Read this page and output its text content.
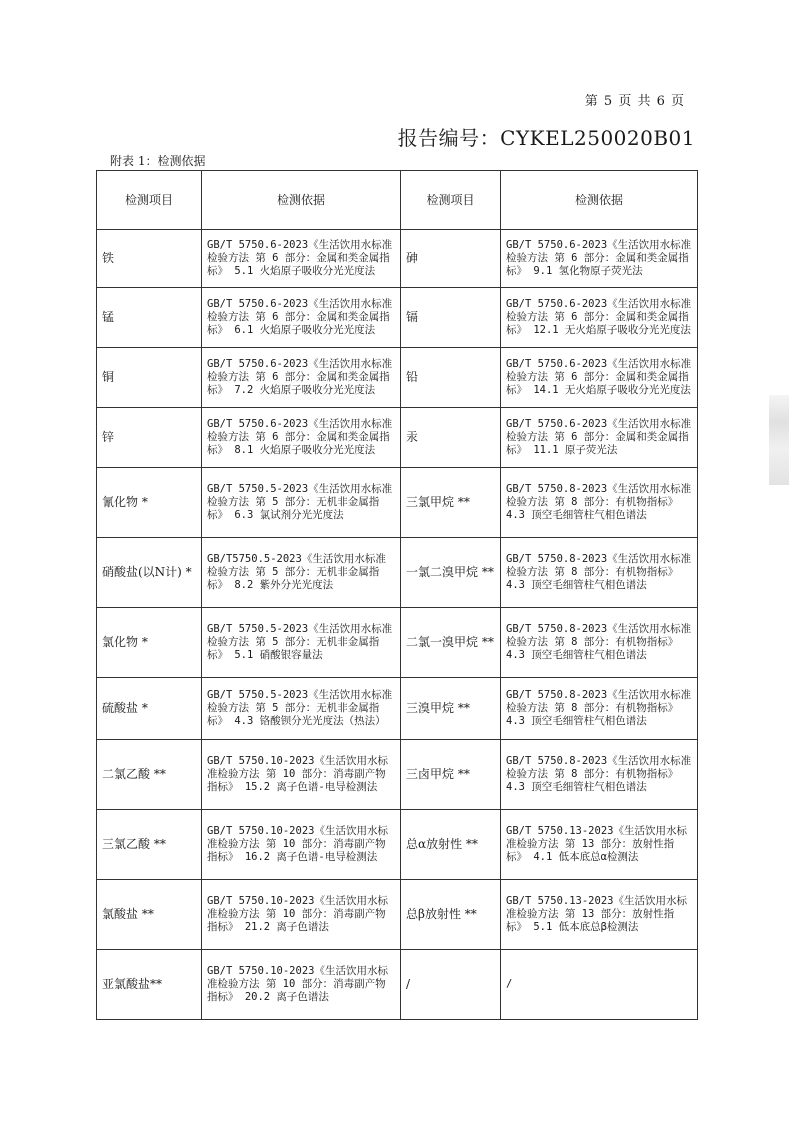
第 5 页 共 6 页
报告编号：CYKEL250020B01
附表 1：检测依据
检测项目	检测依据	检测项目	检测依据
铁	GB/T 5750.6-2023《生活饮用水标准检验方法 第 6 部分：金属和类金属指标》 5.1 火焰原子吸收分光光度法	砷	GB/T 5750.6-2023《生活饮用水标准检验方法 第 6 部分：金属和类金属指标》 9.1 氢化物原子荧光法
锰	GB/T 5750.6-2023《生活饮用水标准检验方法 第 6 部分：金属和类金属指标》 6.1 火焰原子吸收分光光度法	镉	GB/T 5750.6-2023《生活饮用水标准检验方法 第 6 部分：金属和类金属指标》 12.1 无火焰原子吸收分光光度法
铜	GB/T 5750.6-2023《生活饮用水标准检验方法 第 6 部分：金属和类金属指标》 7.2 火焰原子吸收分光光度法	铅	GB/T 5750.6-2023《生活饮用水标准检验方法 第 6 部分：金属和类金属指标》 14.1 无火焰原子吸收分光光度法
锌	GB/T 5750.6-2023《生活饮用水标准检验方法 第 6 部分：金属和类金属指标》 8.1 火焰原子吸收分光光度法	汞	GB/T 5750.6-2023《生活饮用水标准检验方法 第 6 部分：金属和类金属指标》 11.1 原子荧光法
氰化物 *	GB/T 5750.5-2023《生活饮用水标准检验方法 第 5 部分：无机非金属指标》 6.3 氯试剂分光光度法	三氯甲烷 **	GB/T 5750.8-2023《生活饮用水标准检验方法 第 8 部分：有机物指标》 4.3 顶空毛细管柱气相色谱法
硝酸盐(以N计) *	GB/T5750.5-2023《生活饮用水标准检验方法 第 5 部分：无机非金属指标》 8.2 紫外分光光度法	一氯二溴甲烷 **	GB/T 5750.8-2023《生活饮用水标准检验方法 第 8 部分：有机物指标》 4.3 顶空毛细管柱气相色谱法
氯化物 *	GB/T 5750.5-2023《生活饮用水标准检验方法 第 5 部分：无机非金属指标》 5.1 硝酸银容量法	二氯一溴甲烷 **	GB/T 5750.8-2023《生活饮用水标准检验方法 第 8 部分：有机物指标》 4.3 顶空毛细管柱气相色谱法
硫酸盐 *	GB/T 5750.5-2023《生活饮用水标准检验方法 第 5 部分：无机非金属指标》 4.3 铬酸钡分光光度法（热法）	三溴甲烷 **	GB/T 5750.8-2023《生活饮用水标准检验方法 第 8 部分：有机物指标》 4.3 顶空毛细管柱气相色谱法
二氯乙酸 **	GB/T 5750.10-2023《生活饮用水标准检验方法 第 10 部分：消毒副产物指标》 15.2 离子色谱-电导检测法	三卤甲烷 **	GB/T 5750.8-2023《生活饮用水标准检验方法 第 8 部分：有机物指标》 4.3 顶空毛细管柱气相色谱法
三氯乙酸 **	GB/T 5750.10-2023《生活饮用水标准检验方法 第 10 部分：消毒副产物指标》 16.2 离子色谱-电导检测法	总α放射性 **	GB/T 5750.13-2023《生活饮用水标准检验方法 第 13 部分：放射性指标》 4.1 低本底总α检测法
氯酸盐 **	GB/T 5750.10-2023《生活饮用水标准检验方法 第 10 部分：消毒副产物指标》 21.2 离子色谱法	总β放射性 **	GB/T 5750.13-2023《生活饮用水标准检验方法 第 13 部分：放射性指标》 5.1 低本底总β检测法
亚氯酸盐**	GB/T 5750.10-2023《生活饮用水标准检验方法 第 10 部分：消毒副产物指标》 20.2 离子色谱法	/	/
